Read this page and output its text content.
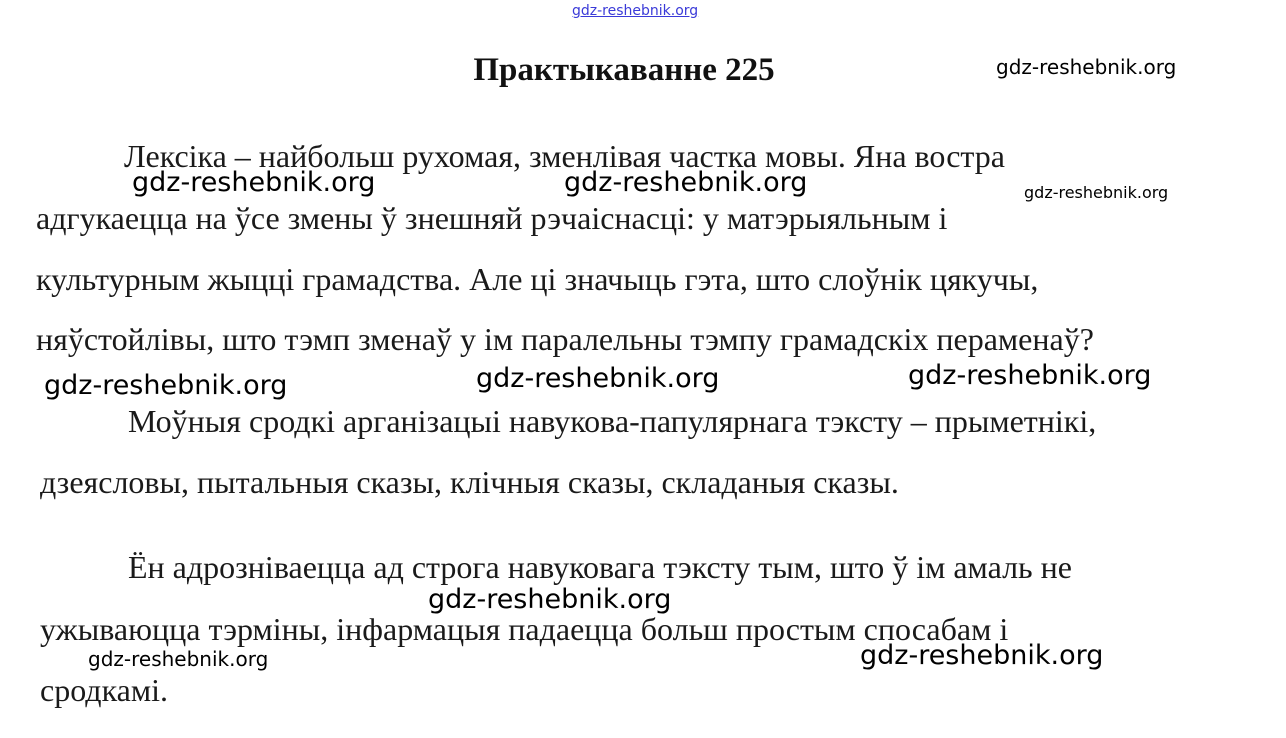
gdz-reshebnik.org
Практыкаванне 225	gdz-reshebnik.org
Лексіка – найбольш рухомая, зменлівая частка мовы. Яна востра
адгукаецца на ўсе змены ў знешняй рэчаіснасці: у матэрыяльным і
культурным жыцці грамадства. Але ці значыць гэта, што слоўнік цякучы,
няўстойлівы, што тэмп зменаў у ім паралельны тэмпу грамадскіх пераменаў?
gdz-reshebnik.org	gdz-reshebnik.org	gdz-reshebnik.org
gdz-reshebnik.org	gdz-reshebnik.org	gdz-reshebnik.org
Моўныя сродкі арганізацыі навукова-папулярнага тэксту – прыметнікі,
дзеясловы, пытальныя сказы, клічныя сказы, складаныя сказы.
Ён адрозніваецца ад строга навуковага тэксту тым, што ў ім амаль не
ужываюцца тэрміны, інфармацыя падаецца больш простым спосабам і
сродкамі.
gdz-reshebnik.org
gdz-reshebnik.org	gdz-reshebnik.org
